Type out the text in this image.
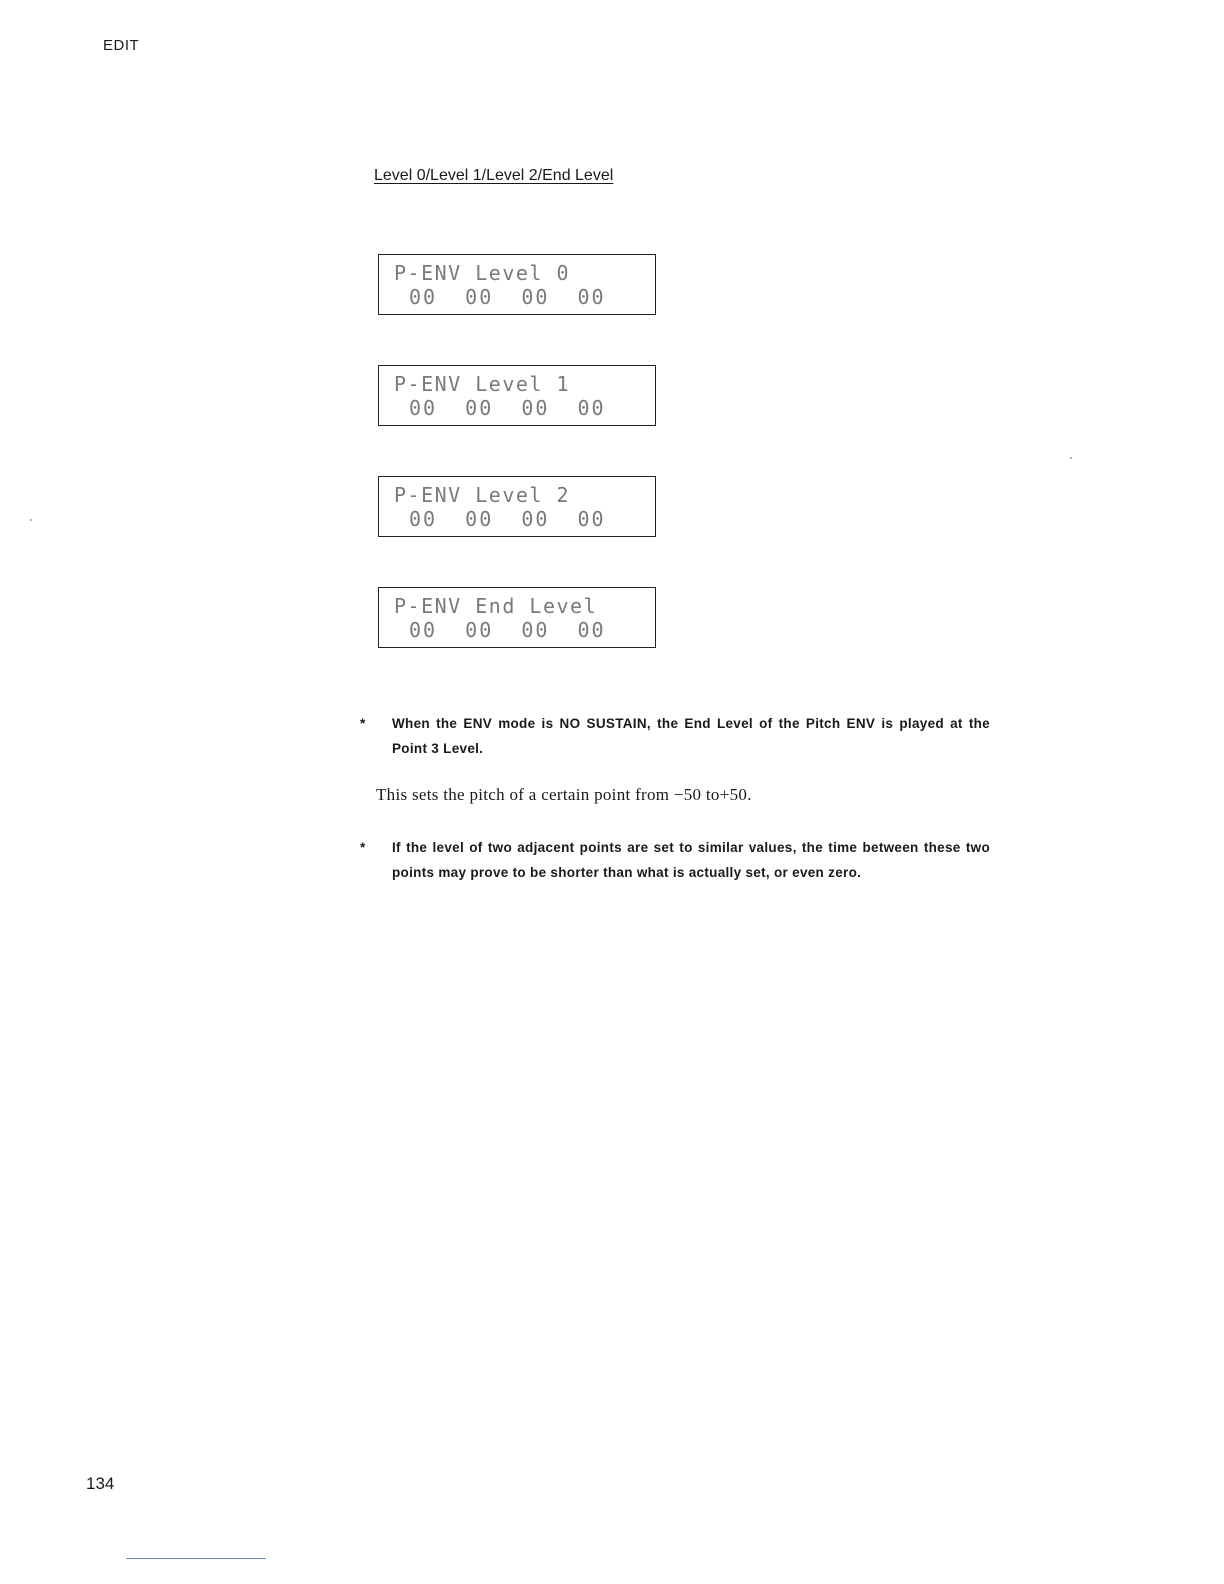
EDIT
Level 0/Level 1/Level 2/End Level
P-ENV Level 0
00  00  00  00
P-ENV Level 1
00  00  00  00
P-ENV Level 2
00  00  00  00
P-ENV End Level
00  00  00  00
* When the ENV mode is NO SUSTAIN, the End Level of the Pitch ENV is played at the Point 3 Level.
This sets the pitch of a certain point from −50 to+50.
* If the level of two adjacent points are set to similar values, the time between these two points may prove to be shorter than what is actually set, or even zero.
134
